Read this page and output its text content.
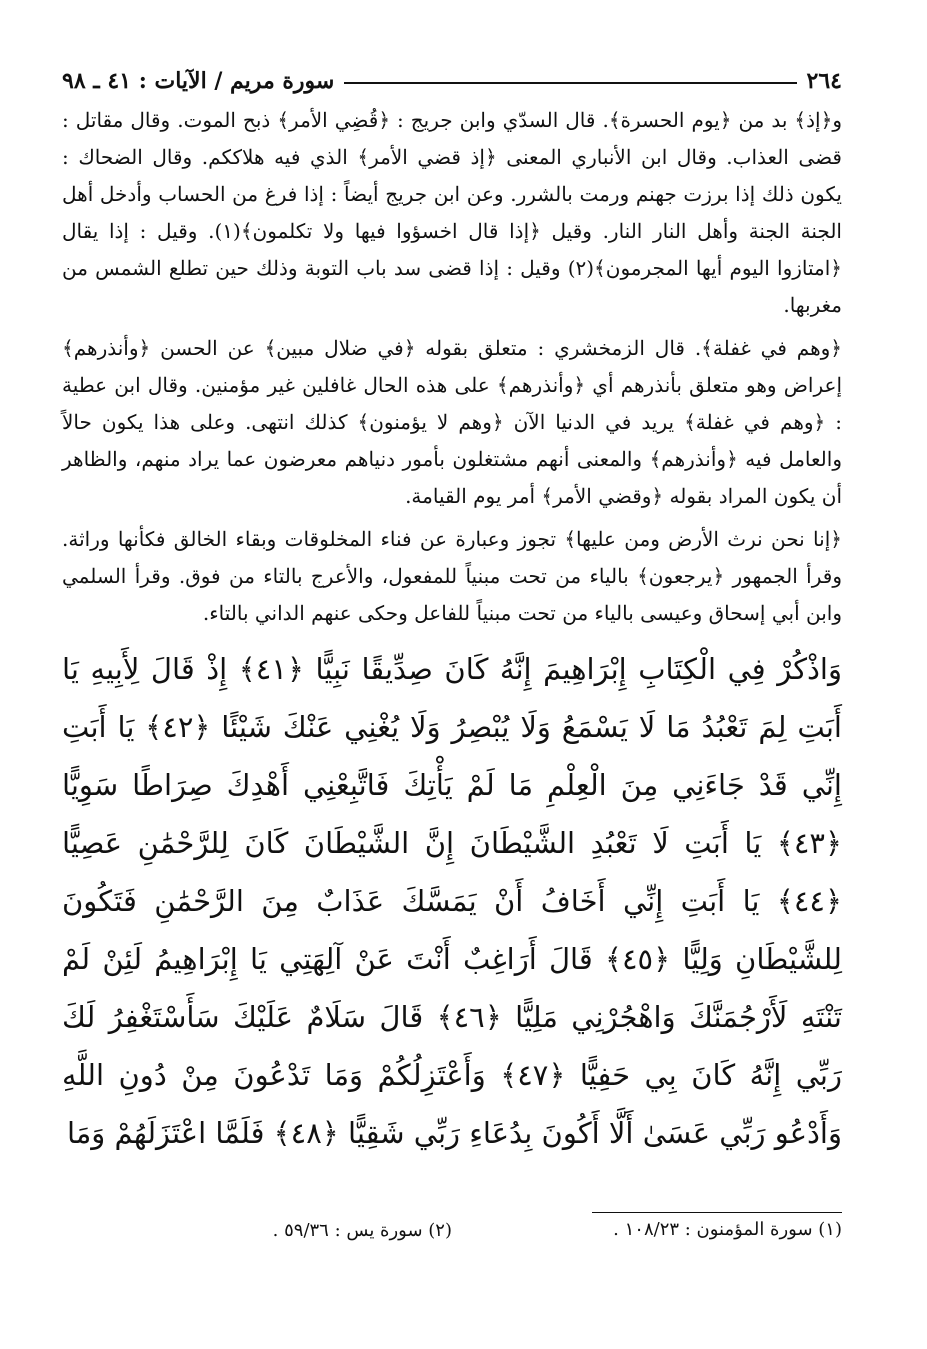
٢٦٤
سورة مريم / الآيات : ٤١ ـ ٩٨

و﴿إذ﴾ بد من ﴿يوم الحسرة﴾. قال السدّي وابن جريج : ﴿قُضِي الأمر﴾ ذبح الموت. وقال مقاتل : قضى العذاب. وقال ابن الأنباري المعنى ﴿إذ قضي الأمر﴾ الذي فيه هلاككم. وقال الضحاك : يكون ذلك إذا برزت جهنم ورمت بالشرر. وعن ابن جريج أيضاً : إذا فرغ من الحساب وأدخل أهل الجنة الجنة وأهل النار النار. وقيل ﴿إذا قال اخسؤوا فيها ولا تكلمون﴾(١). وقيل : إذا يقال ﴿امتازوا اليوم أيها المجرمون﴾(٢) وقيل : إذا قضى سد باب التوبة وذلك حين تطلع الشمس من مغربها.

﴿وهم في غفلة﴾. قال الزمخشري : متعلق بقوله ﴿في ضلال مبين﴾ عن الحسن ﴿وأنذرهم﴾ إعراض وهو متعلق بأنذرهم أي ﴿وأنذرهم﴾ على هذه الحال غافلين غير مؤمنين. وقال ابن عطية : ﴿وهم في غفلة﴾ يريد في الدنيا الآن ﴿وهم لا يؤمنون﴾ كذلك انتهى. وعلى هذا يكون حالاً والعامل فيه ﴿وأنذرهم﴾ والمعنى أنهم مشتغلون بأمور دنياهم معرضون عما يراد منهم، والظاهر أن يكون المراد بقوله ﴿وقضي الأمر﴾ أمر يوم القيامة.

﴿إنا نحن نرث الأرض ومن عليها﴾ تجوز وعبارة عن فناء المخلوقات وبقاء الخالق فكأنها وراثة. وقرأ الجمهور ﴿يرجعون﴾ بالياء من تحت مبنياً للمفعول، والأعرج بالتاء من فوق. وقرأ السلمي وابن أبي إسحاق وعيسى بالياء من تحت مبنياً للفاعل وحكى عنهم الداني بالتاء.

وَاذْكُرْ فِي الْكِتَابِ إِبْرَاهِيمَ إِنَّهُ كَانَ صِدِّيقًا نَبِيًّا ﴿٤١﴾ إِذْ قَالَ لِأَبِيهِ يَا أَبَتِ لِمَ تَعْبُدُ مَا لَا يَسْمَعُ وَلَا يُبْصِرُ وَلَا يُغْنِي عَنْكَ شَيْئًا ﴿٤٢﴾ يَا أَبَتِ إِنِّي قَدْ جَاءَنِي مِنَ الْعِلْمِ مَا لَمْ يَأْتِكَ فَاتَّبِعْنِي أَهْدِكَ صِرَاطًا سَوِيًّا ﴿٤٣﴾ يَا أَبَتِ لَا تَعْبُدِ الشَّيْطَانَ إِنَّ الشَّيْطَانَ كَانَ لِلرَّحْمَٰنِ عَصِيًّا ﴿٤٤﴾ يَا أَبَتِ إِنِّي أَخَافُ أَنْ يَمَسَّكَ عَذَابٌ مِنَ الرَّحْمَٰنِ فَتَكُونَ لِلشَّيْطَانِ وَلِيًّا ﴿٤٥﴾ قَالَ أَرَاغِبٌ أَنْتَ عَنْ آلِهَتِي يَا إِبْرَاهِيمُ لَئِنْ لَمْ تَنْتَهِ لَأَرْجُمَنَّكَ وَاهْجُرْنِي مَلِيًّا ﴿٤٦﴾ قَالَ سَلَامٌ عَلَيْكَ سَأَسْتَغْفِرُ لَكَ رَبِّي إِنَّهُ كَانَ بِي حَفِيًّا ﴿٤٧﴾ وَأَعْتَزِلُكُمْ وَمَا تَدْعُونَ مِنْ دُونِ اللَّهِ وَأَدْعُو رَبِّي عَسَىٰ أَلَّا أَكُونَ بِدُعَاءِ رَبِّي شَقِيًّا ﴿٤٨﴾ فَلَمَّا اعْتَزَلَهُمْ وَمَا
(١) سورة المؤمنون : ١٠٨/٢٣ .
(٢) سورة يس : ٥٩/٣٦ .
